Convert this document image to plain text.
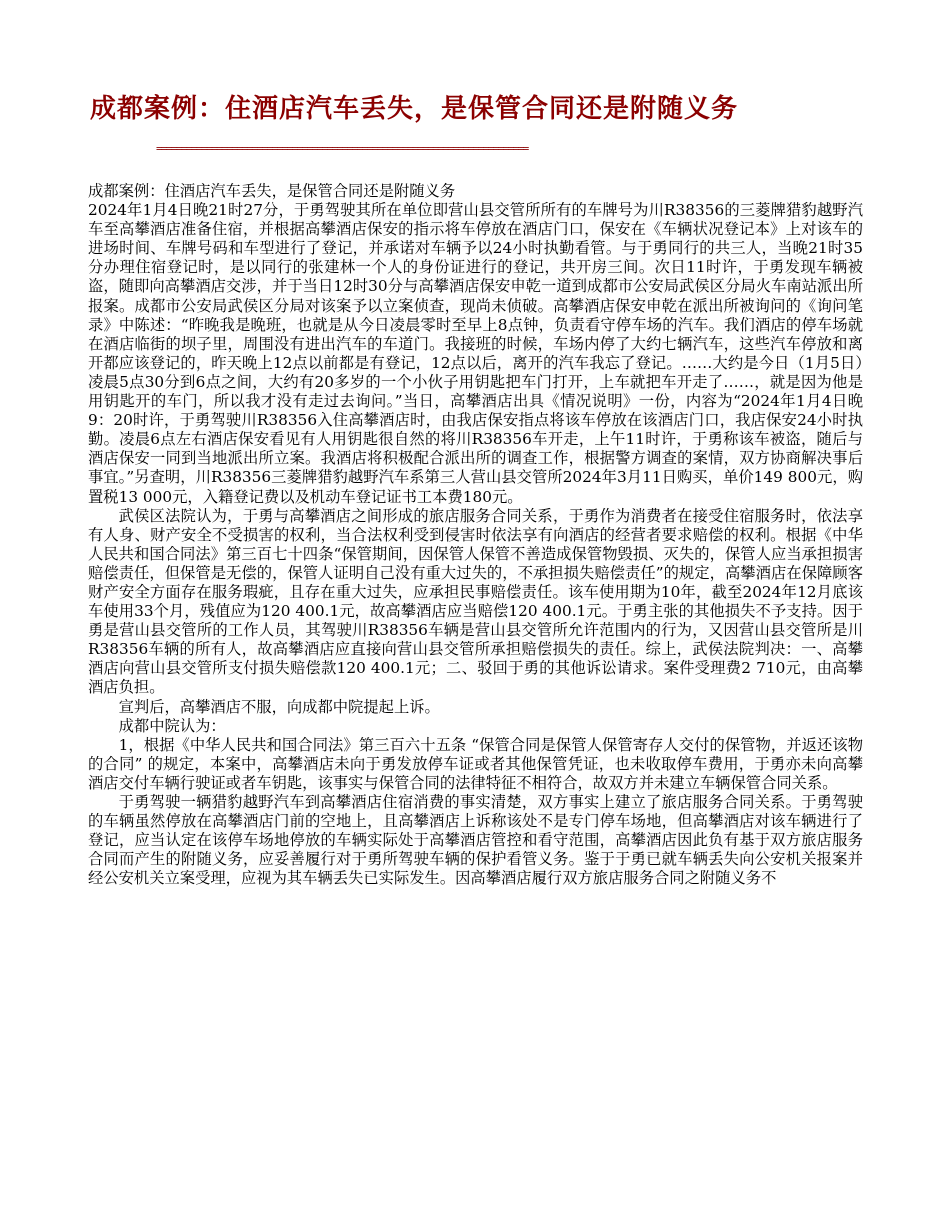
成都案例：住酒店汽车丢失，是保管合同还是附随义务
==========================================================================

成都案例：住酒店汽车丢失，是保管合同还是附随义务

2024年1月4日晚21时27分，于勇驾驶其所在单位即营山县交管所所有的车牌号为川R38356的三菱牌猎豹越野汽车至高攀酒店准备住宿，并根据高攀酒店保安的指示将车停放在酒店门口，保安在《车辆状况登记本》上对该车的进场时间、车牌号码和车型进行了登记，并承诺对车辆予以24小时执勤看管。与于勇同行的共三人，当晚21时35分办理住宿登记时，是以同行的张建林一个人的身份证进行的登记，共开房三间。次日11时许，于勇发现车辆被盗，随即向高攀酒店交涉，并于当日12时30分与高攀酒店保安申乾一道到成都市公安局武侯区分局火车南站派出所报案。成都市公安局武侯区分局对该案予以立案侦查，现尚未侦破。高攀酒店保安申乾在派出所被询问的《询问笔录》中陈述：“昨晚我是晚班，也就是从今日凌晨零时至早上8点钟，负责看守停车场的汽车。我们酒店的停车场就在酒店临街的坝子里，周围没有进出汽车的车道门。我接班的时候，车场内停了大约七辆汽车，这些汽车停放和离开都应该登记的，昨天晚上12点以前都是有登记，12点以后，离开的汽车我忘了登记。……大约是今日（1月5日）凌晨5点30分到6点之间，大约有20多岁的一个小伙子用钥匙把车门打开，上车就把车开走了……，就是因为他是用钥匙开的车门，所以我才没有走过去询问。”当日，高攀酒店出具《情况说明》一份，内容为“2024年1月4日晚9：20时许，于勇驾驶川R38356入住高攀酒店时，由我店保安指点将该车停放在该酒店门口，我店保安24小时执勤。凌晨6点左右酒店保安看见有人用钥匙很自然的将川R38356车开走，上午11时许，于勇称该车被盗，随后与酒店保安一同到当地派出所立案。我酒店将积极配合派出所的调查工作，根据警方调查的案情，双方协商解决事后事宜。”另查明，川R38356三菱牌猎豹越野汽车系第三人营山县交管所2024年3月11日购买，单价149 800元，购置税13 000元，入籍登记费以及机动车登记证书工本费180元。

武侯区法院认为，于勇与高攀酒店之间形成的旅店服务合同关系，于勇作为消费者在接受住宿服务时，依法享有人身、财产安全不受损害的权利，当合法权利受到侵害时依法享有向酒店的经营者要求赔偿的权利。根据《中华人民共和国合同法》第三百七十四条“保管期间，因保管人保管不善造成保管物毁损、灭失的，保管人应当承担损害赔偿责任，但保管是无偿的，保管人证明自己没有重大过失的，不承担损失赔偿责任”的规定，高攀酒店在保障顾客财产安全方面存在服务瑕疵，且存在重大过失，应承担民事赔偿责任。该车使用期为10年，截至2024年12月底该车使用33个月，残值应为120 400.1元，故高攀酒店应当赔偿120 400.1元。于勇主张的其他损失不予支持。因于勇是营山县交管所的工作人员，其驾驶川R38356车辆是营山县交管所允许范围内的行为，又因营山县交管所是川R38356车辆的所有人，故高攀酒店应直接向营山县交管所承担赔偿损失的责任。综上，武侯法院判决：一、高攀酒店向营山县交管所支付损失赔偿款120 400.1元；二、驳回于勇的其他诉讼请求。案件受理费2 710元，由高攀酒店负担。

宣判后，高攀酒店不服，向成都中院提起上诉。

成都中院认为：

1，根据《中华人民共和国合同法》第三百六十五条 “保管合同是保管人保管寄存人交付的保管物，并返还该物的合同” 的规定，本案中，高攀酒店未向于勇发放停车证或者其他保管凭证，也未收取停车费用，于勇亦未向高攀酒店交付车辆行驶证或者车钥匙，该事实与保管合同的法律特征不相符合，故双方并未建立车辆保管合同关系。

于勇驾驶一辆猎豹越野汽车到高攀酒店住宿消费的事实清楚，双方事实上建立了旅店服务合同关系。于勇驾驶的车辆虽然停放在高攀酒店门前的空地上，且高攀酒店上诉称该处不是专门停车场地，但高攀酒店对该车辆进行了登记，应当认定在该停车场地停放的车辆实际处于高攀酒店管控和看守范围，高攀酒店因此负有基于双方旅店服务合同而产生的附随义务，应妥善履行对于勇所驾驶车辆的保护看管义务。鉴于于勇已就车辆丢失向公安机关报案并经公安机关立案受理，应视为其车辆丢失已实际发生。因高攀酒店履行双方旅店服务合同之附随义务不
